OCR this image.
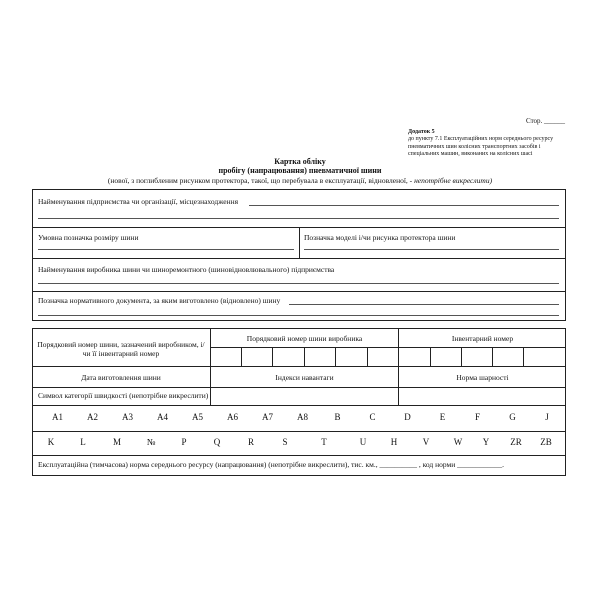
Стор. ______
Додаток 5
до пункту 7.1 Експлуатаційних норм середнього ресурсу
пневматичних шин колісних транспортних засобів і
спеціальних машин, виконаних на колісних шасі
Картка обліку
пробігу (напрацювання) пневматичної шини
(нової, з поглибленим рисунком протектора, такої, що перебувала в експлуатації, відновленої, - непотрібне викреслити)
Найменування підприємства чи організації, місцезнаходження
Умовна позначка розміру шини	Позначка моделі і/чи рисунка протектора шини
Найменування виробника шини чи шиноремонтного (шиновідновлювального) підприємства
Позначка нормативного документа, за яким виготовлено (відновлено) шину
Порядковий номер шини, зазначений виробником, і/чи її інвентарний номер
Порядковий номер шини виробника	Інвентарний номер
Дата виготовлення шини	Індекси навантаги	Норма шарності
Символ категорії швидкості (непотрібне викреслити)
A1	A2	A3	A4	A5	A6	A7	A8	B	C	D	E	F	G	J
K	L	M	№	P	Q	R	S	T	U	H	V	W	Y	ZR	ZB
Експлуатаційна (тимчасова) норма середнього ресурсу (напрацювання) (непотрібне викреслити), тис. км., __________ , код норми ____________.
